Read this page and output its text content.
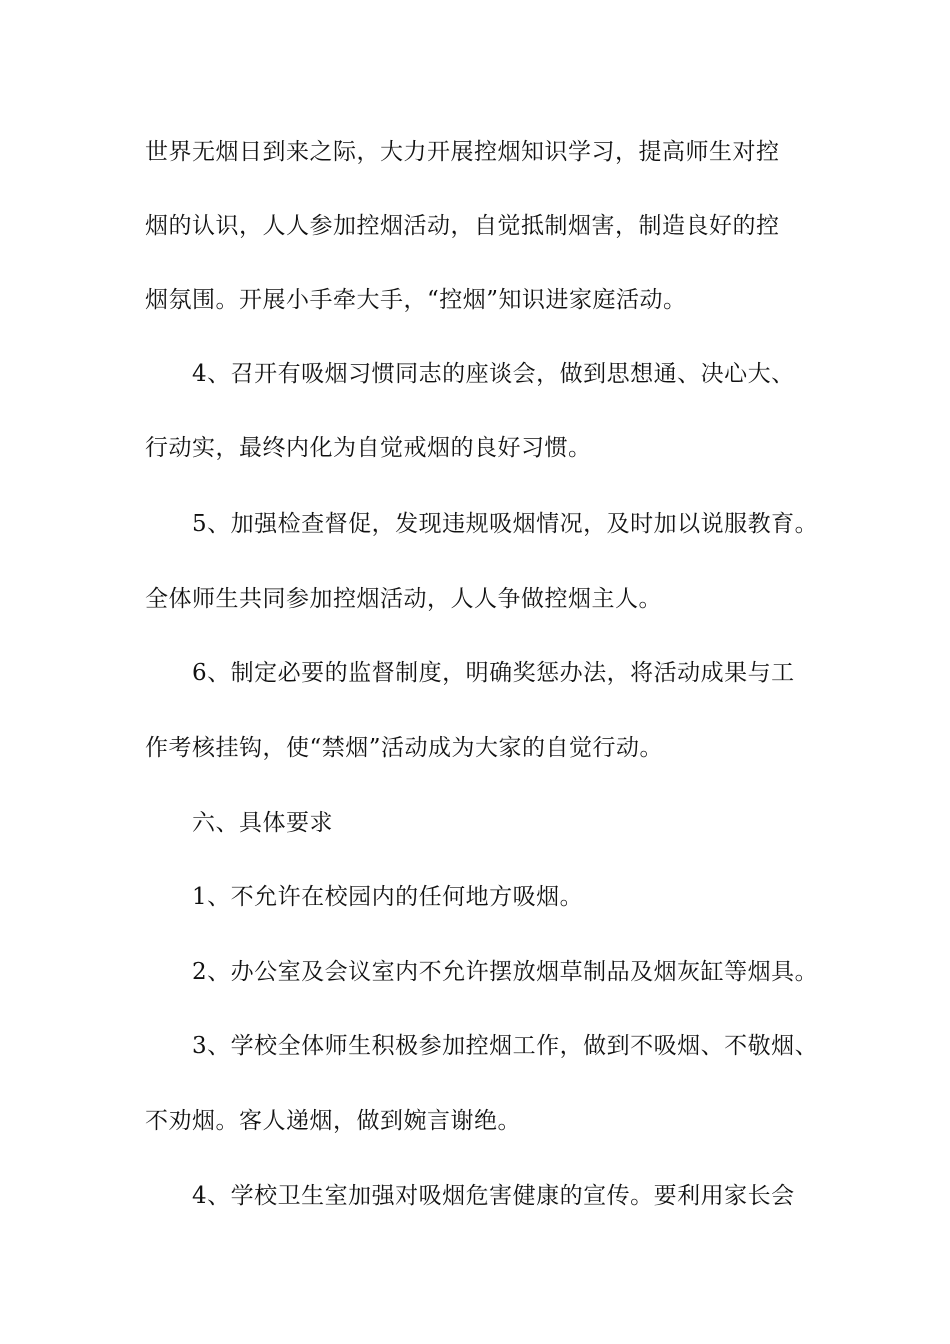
世界无烟日到来之际，大力开展控烟知识学习，提高师生对控
烟的认识，人人参加控烟活动，自觉抵制烟害，制造良好的控
烟氛围。开展小手牵大手，“控烟”知识进家庭活动。
4、召开有吸烟习惯同志的座谈会，做到思想通、决心大、
行动实，最终内化为自觉戒烟的良好习惯。
5、加强检查督促，发现违规吸烟情况，及时加以说服教育。
全体师生共同参加控烟活动，人人争做控烟主人。
6、制定必要的监督制度，明确奖惩办法，将活动成果与工
作考核挂钩，使“禁烟”活动成为大家的自觉行动。
六、具体要求
1、不允许在校园内的任何地方吸烟。
2、办公室及会议室内不允许摆放烟草制品及烟灰缸等烟具。
3、学校全体师生积极参加控烟工作，做到不吸烟、不敬烟、
不劝烟。客人递烟，做到婉言谢绝。
4、学校卫生室加强对吸烟危害健康的宣传。要利用家长会
